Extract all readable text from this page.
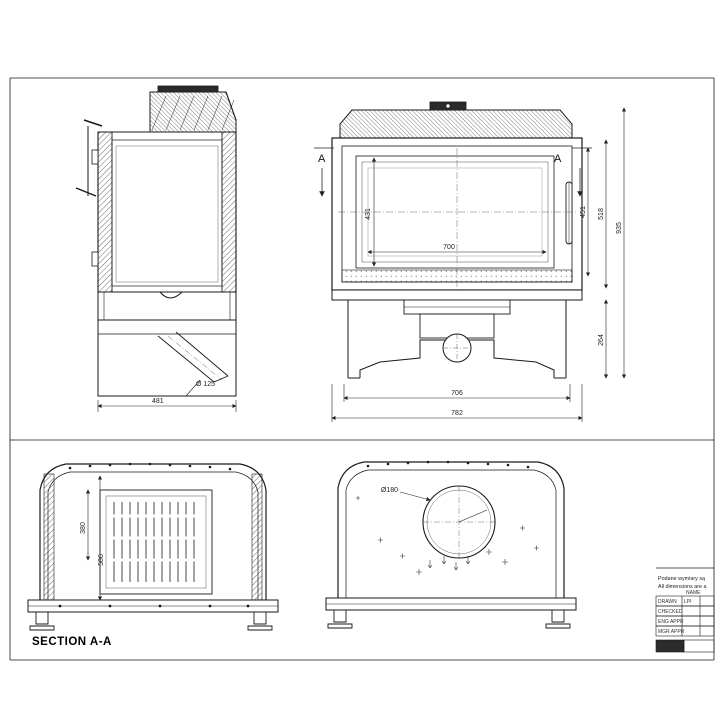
Ø 125
481
A	A
431	451 518
935
264
700
706
782
380
586
SECTION A-A
Ø180
Podane wymiary są
All dimensions are a
NAME
DRAWN LPI
CHECKED
ENG APPR
MGR APPR
